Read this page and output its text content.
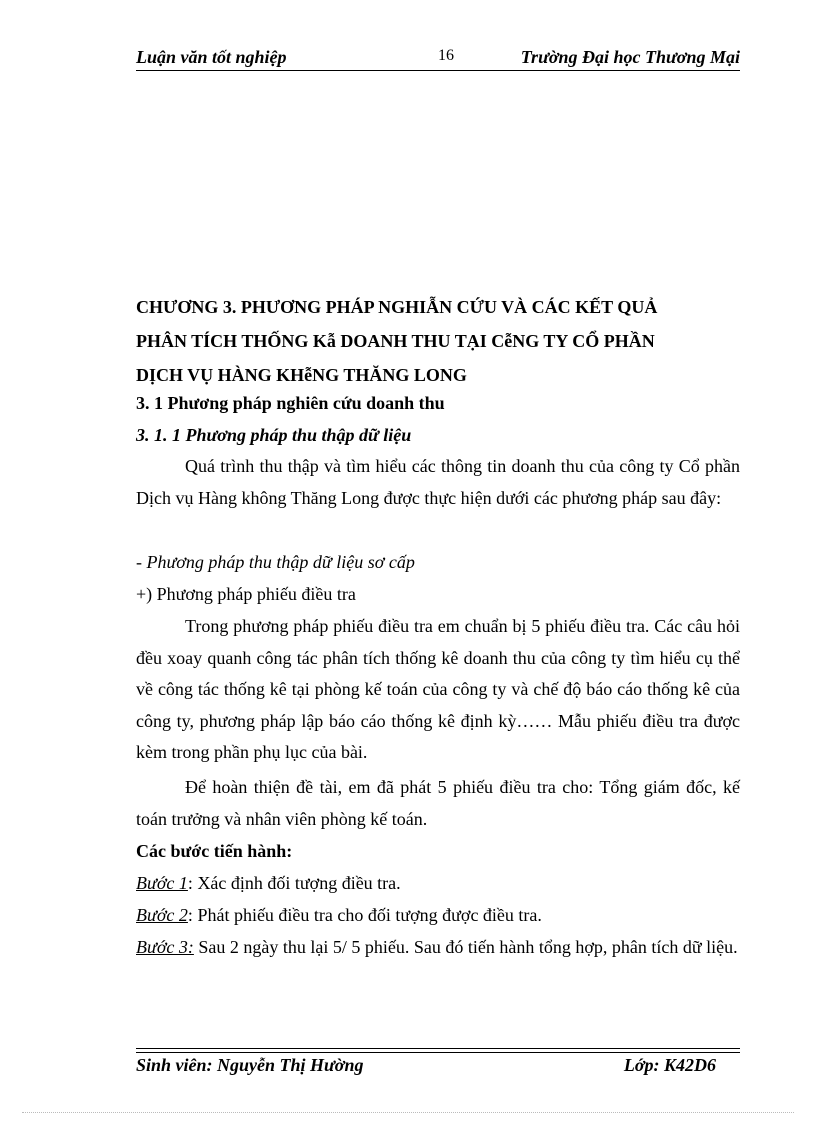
Luận văn tốt nghiệp	16	Trường Đại học Thương Mại
CHƯƠNG 3. PHƯƠNG PHÁP NGHIẪN CỨU VÀ CÁC KẾT QUẢ
PHÂN TÍCH THỐNG Kẫ DOANH THU TẠI CễNG TY CỔ PHẦN
DỊCH VỤ HÀNG KHễNG THĂNG LONG
3. 1 Phương pháp nghiên cứu doanh thu
3. 1. 1 Phương pháp thu thập dữ liệu

Quá trình thu thập và tìm hiểu các thông tin doanh thu của công ty Cổ phần Dịch vụ Hàng không Thăng Long được thực hiện dưới các phương pháp sau đây:

- Phương pháp thu thập dữ liệu sơ cấp
+) Phương pháp phiếu điều tra

Trong phương pháp phiếu điều tra em chuẩn bị 5 phiếu điều tra. Các câu hỏi đều xoay quanh công tác phân tích thống kê doanh thu của công ty tìm hiểu cụ thể về công tác thống kê tại phòng kế toán của công ty và chế độ báo cáo thống kê của công ty, phương pháp lập báo cáo thống kê định kỳ…… Mẫu phiếu điều tra được kèm trong phần phụ lục của bài.

Để hoàn thiện đề tài, em đã phát 5 phiếu điều tra cho: Tổng giám đốc, kế toán trưởng và nhân viên phòng kế toán.

Các bước tiến hành:
Bước 1: Xác định đối tượng điều tra.
Bước 2: Phát phiếu điều tra cho đối tượng được điều tra.
Bước 3: Sau 2 ngày thu lại 5/ 5 phiếu. Sau đó tiến hành tổng hợp, phân tích dữ liệu.
Sinh viên: Nguyễn Thị Hường	Lớp: K42D6
